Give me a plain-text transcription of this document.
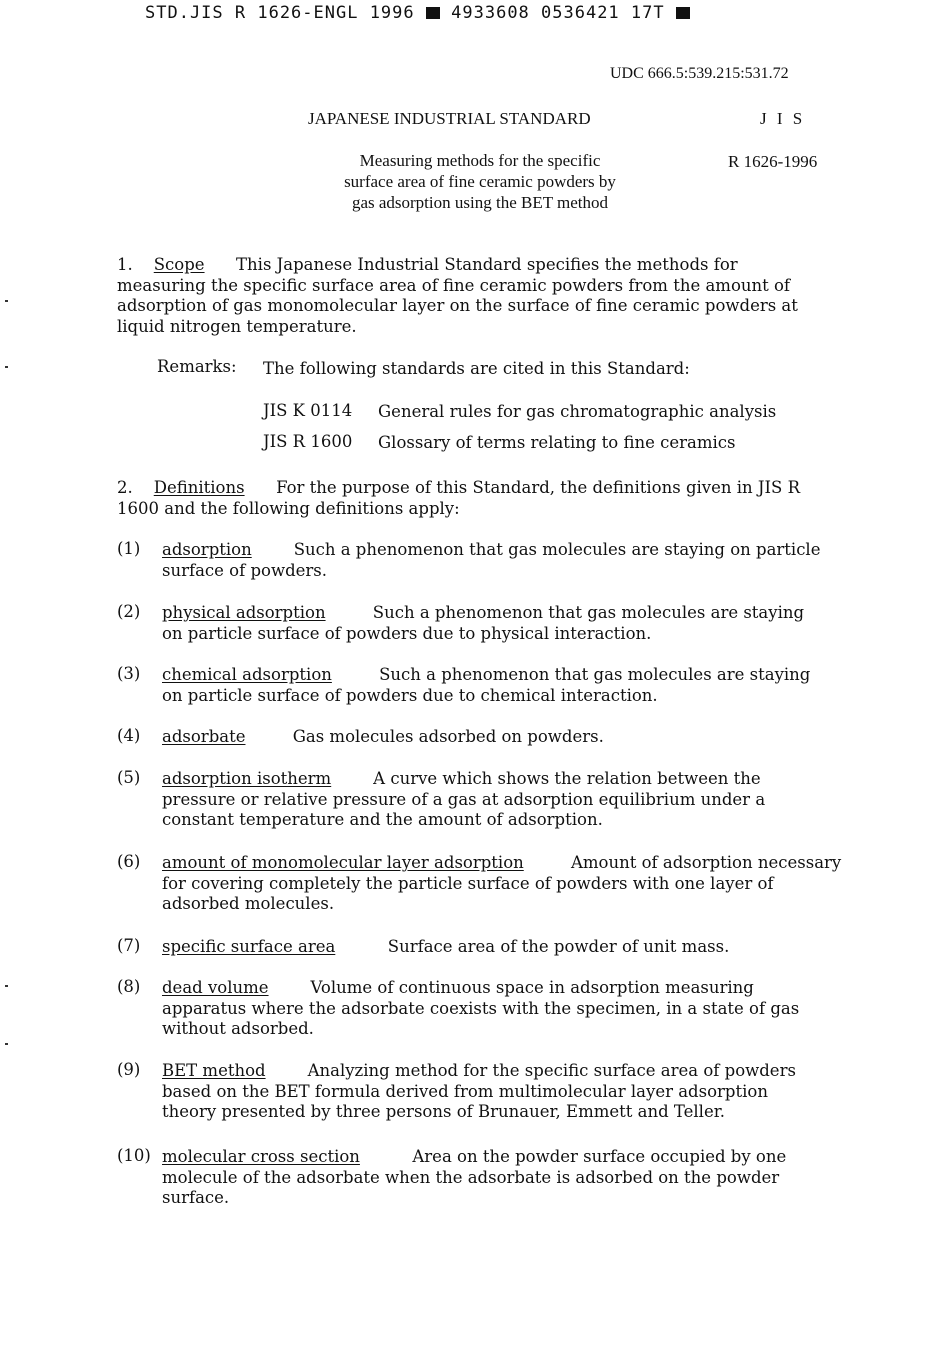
STD.JIS R 1626-ENGL 1996 4933608 0536421 17T
UDC 666.5:539.215:531.72
JAPANESE INDUSTRIAL STANDARD	J I S
Measuring methods for the specific
surface area of fine ceramic powders by
gas adsorption using the BET method
R 1626-1996
1. Scope This Japanese Industrial Standard specifies the methods for measuring the specific surface area of fine ceramic powders from the amount of adsorption of gas monomolecular layer on the surface of fine ceramic powders at liquid nitrogen temperature.
Remarks: The following standards are cited in this Standard:
JIS K 0114 General rules for gas chromatographic analysis
JIS R 1600 Glossary of terms relating to fine ceramics
2. Definitions For the purpose of this Standard, the definitions given in JIS R 1600 and the following definitions apply:
(1) adsorption	Such a phenomenon that gas molecules are staying on particle surface of powders.
(2) physical adsorption	Such a phenomenon that gas molecules are staying on particle surface of powders due to physical interaction.
(3) chemical adsorption	Such a phenomenon that gas molecules are staying on particle surface of powders due to chemical interaction.
(4) adsorbate	Gas molecules adsorbed on powders.
(5) adsorption isotherm	A curve which shows the relation between the pressure or relative pressure of a gas at adsorption equilibrium under a constant temperature and the amount of adsorption.
(6) amount of monomolecular layer adsorption	Amount of adsorption necessary for covering completely the particle surface of powders with one layer of adsorbed molecules.
(7) specific surface area	Surface area of the powder of unit mass.
(8) dead volume	Volume of continuous space in adsorption measuring apparatus where the adsorbate coexists with the specimen, in a state of gas without adsorbed.
(9) BET method	Analyzing method for the specific surface area of powders based on the BET formula derived from multimolecular layer adsorption theory presented by three persons of Brunauer, Emmett and Teller.
(10) molecular cross section	Area on the powder surface occupied by one molecule of the adsorbate when the adsorbate is adsorbed on the powder surface.
